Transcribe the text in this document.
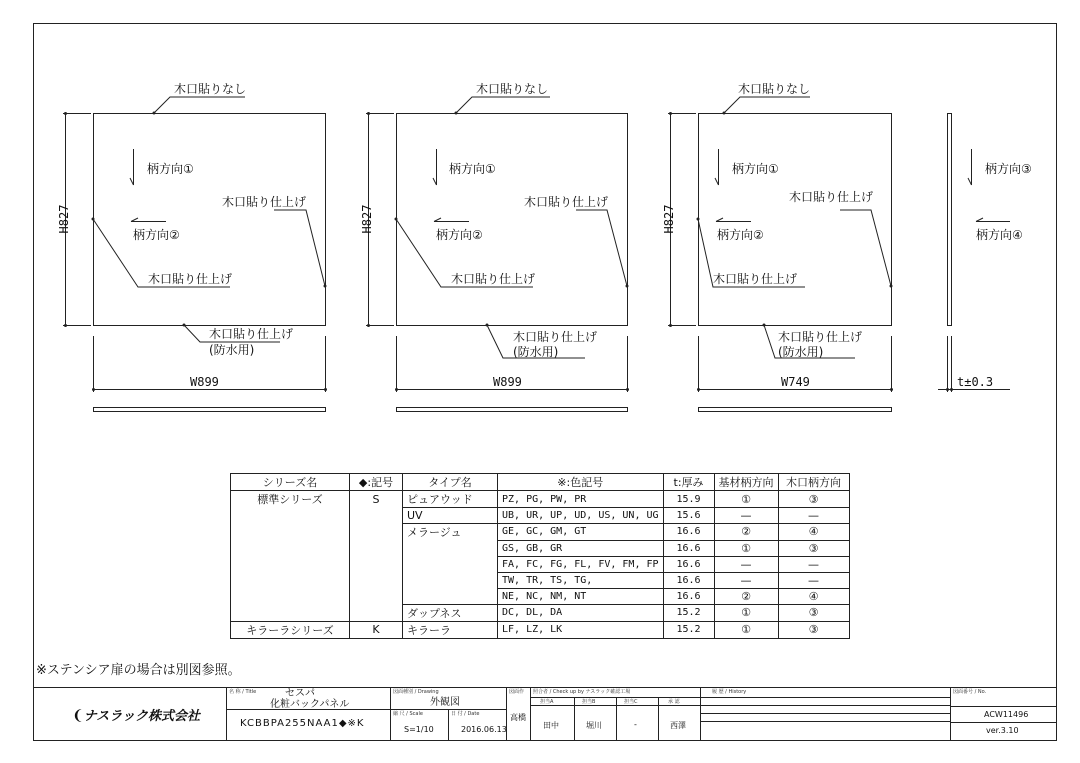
木口貼りなし
柄方向①
木口貼り仕上げ
柄方向②
木口貼り仕上げ
木口貼り仕上げ
(防水用)
H827
W899
木口貼りなし
柄方向①
木口貼り仕上げ
柄方向②
木口貼り仕上げ
木口貼り仕上げ
(防水用)
H827
W899
木口貼りなし
柄方向①
木口貼り仕上げ
柄方向②
木口貼り仕上げ
木口貼り仕上げ
(防水用)
H827
W749
柄方向③
柄方向④
t±0.3
シリーズ名	◆:記号	タイプ名	※:色記号	t:厚み	基材柄方向	木口柄方向
標準シリーズ	S	ピュアウッド	PZ, PG, PW, PR	15.9	①	③
		UV	UB, UR, UP, UD, US, UN, UG	15.6	—	—
		メラージュ	GE, GC, GM, GT	16.6	②	④
			GS, GB, GR	16.6	①	③
			FA, FC, FG, FL, FV, FM, FP	16.6	—	—
			TW, TR, TS, TG,	16.6	—	—
			NE, NC, NM, NT	16.6	②	④
		ダップネス	DC, DL, DA	15.2	①	③
キラーラシリーズ	K	キラーラ	LF, LZ, LK	15.2	①	③
※ステンシア扉の場合は別図参照。
❨ナスラック株式会社
名 称 / Title	セスパ
化粧バックパネル
KCBBPA255NAA1◆※K
図面種別 / Drawing
外観図
縮 尺 / Scale
S=1/10
日 付 / Date
2016.06.13
図面作
高橋
照合者 / Check up by ナスラック確認工場
担当A	担当B	担当C	承 認
田中	堀川	-	西澤
履 歴 / History	図面番号 / No.
ACW11496
ver.3.10
